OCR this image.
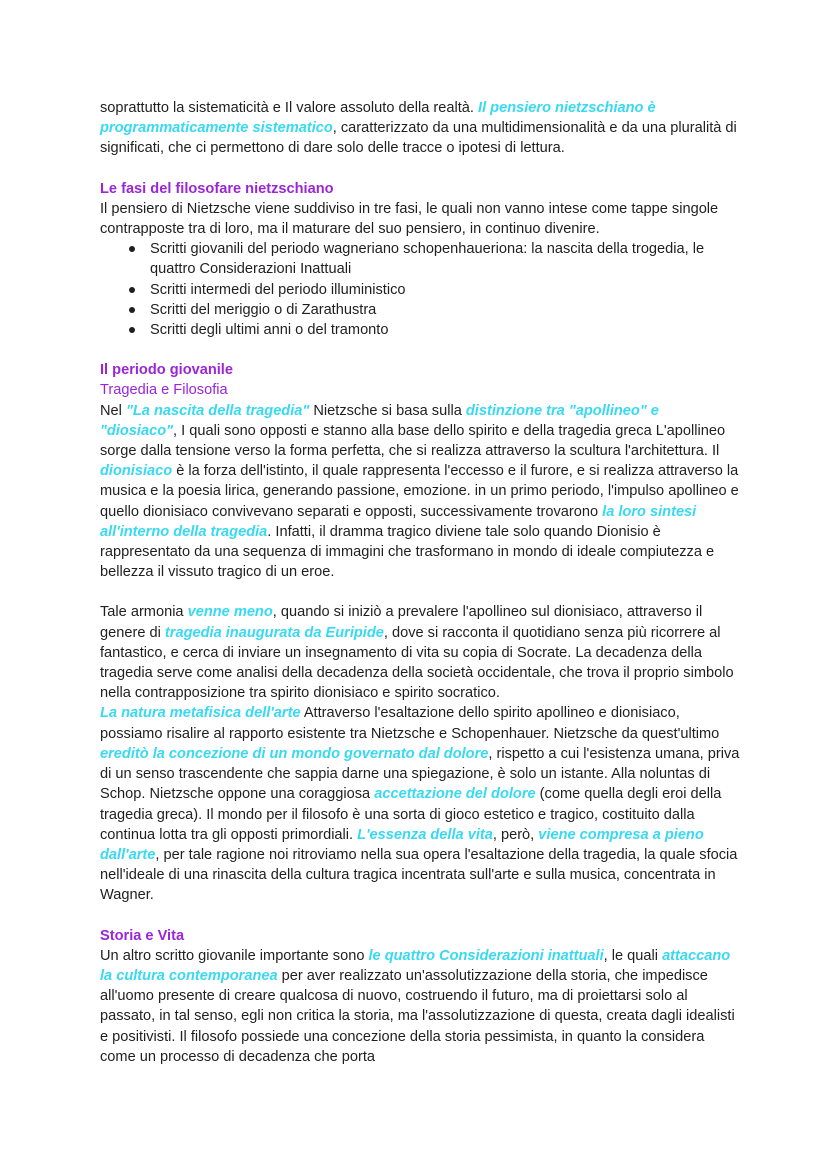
soprattutto la sistematicità e Il valore assoluto della realtà. Il pensiero nietzschiano è programmaticamente sistematico, caratterizzato da una multidimensionalità e da una pluralità di significati, che ci permettono di dare solo delle tracce o ipotesi di lettura.

Le fasi del filosofare nietzschiano

Il pensiero di Nietzsche viene suddiviso in tre fasi, le quali non vanno intese come tappe singole contrapposte tra di loro, ma il maturare del suo pensiero, in continuo divenire.

Scritti giovanili del periodo wagneriano schopenhaueriona: la nascita della trogedia, le quattro Considerazioni Inattuali
Scritti intermedi del periodo illuministico
Scritti del meriggio o di Zarathustra
Scritti degli ultimi anni o del tramonto

Il periodo giovanile

Tragedia e Filosofia

Nel "La nascita della tragedia" Nietzsche si basa sulla distinzione tra "apollineo" e "diosiaco", I quali sono opposti e stanno alla base dello spirito e della tragedia greca L'apollineo sorge dalla tensione verso la forma perfetta, che si realizza attraverso la scultura l'architettura. Il dionisiaco è la forza dell'istinto, il quale rappresenta l'eccesso e il furore, e si realizza attraverso la musica e la poesia lirica, generando passione, emozione. in un primo periodo, l'impulso apollineo e quello dionisiaco convivevano separati e opposti, successivamente trovarono la loro sintesi all'interno della tragedia. Infatti, il dramma tragico diviene tale solo quando Dionisio è rappresentato da una sequenza di immagini che trasformano in mondo di ideale compiutezza e bellezza il vissuto tragico di un eroe.

Tale armonia venne meno, quando si iniziò a prevalere l'apollineo sul dionisiaco, attraverso il genere di tragedia inaugurata da Euripide, dove si racconta il quotidiano senza più ricorrere al fantastico, e cerca di inviare un insegnamento di vita su copia di Socrate. La decadenza della tragedia serve come analisi della decadenza della società occidentale, che trova il proprio simbolo nella contrapposizione tra spirito dionisiaco e spirito socratico.

La natura metafisica dell'arte Attraverso l'esaltazione dello spirito apollineo e dionisiaco, possiamo risalire al rapporto esistente tra Nietzsche e Schopenhauer. Nietzsche da quest'ultimo ereditò la concezione di un mondo governato dal dolore, rispetto a cui l'esistenza umana, priva di un senso trascendente che sappia darne una spiegazione, è solo un istante. Alla noluntas di Schop. Nietzsche oppone una coraggiosa accettazione del dolore (come quella degli eroi della tragedia greca). Il mondo per il filosofo è una sorta di gioco estetico e tragico, costituito dalla continua lotta tra gli opposti primordiali. L'essenza della vita, però, viene compresa a pieno dall'arte, per tale ragione noi ritroviamo nella sua opera l'esaltazione della tragedia, la quale sfocia nell'ideale di una rinascita della cultura tragica incentrata sull'arte e sulla musica, concentrata in Wagner.

Storia e Vita

Un altro scritto giovanile importante sono le quattro Considerazioni inattuali, le quali attaccano la cultura contemporanea per aver realizzato un'assolutizzazione della storia, che impedisce all'uomo presente di creare qualcosa di nuovo, costruendo il futuro, ma di proiettarsi solo al passato, in tal senso, egli non critica la storia, ma l'assolutizzazione di questa, creata dagli idealisti e positivisti. Il filosofo possiede una concezione della storia pessimista, in quanto la considera come un processo di decadenza che porta
